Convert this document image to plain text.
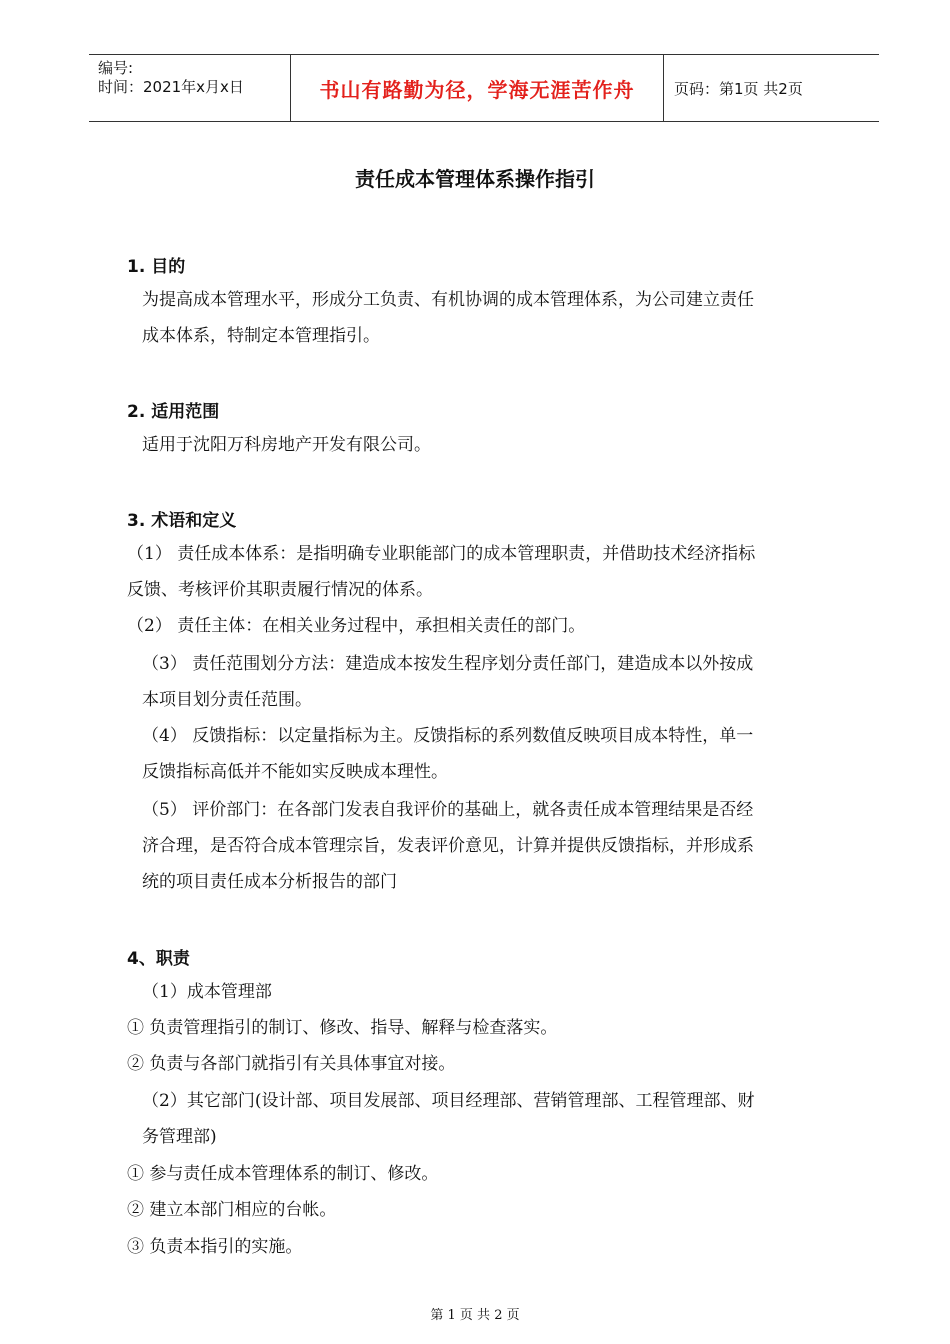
编号:
时间：2021年x月x日	书山有路勤为径，学海无涯苦作舟	页码：第1页 共2页
责任成本管理体系操作指引
1. 目的
为提高成本管理水平，形成分工负责、有机协调的成本管理体系，为公司建立责任
成本体系，特制定本管理指引。
2. 适用范围
适用于沈阳万科房地产开发有限公司。
3. 术语和定义
（1） 责任成本体系：是指明确专业职能部门的成本管理职责，并借助技术经济指标
反馈、考核评价其职责履行情况的体系。
（2） 责任主体：在相关业务过程中，承担相关责任的部门。
（3） 责任范围划分方法：建造成本按发生程序划分责任部门，建造成本以外按成
本项目划分责任范围。
（4） 反馈指标：以定量指标为主。反馈指标的系列数值反映项目成本特性，单一
反馈指标高低并不能如实反映成本理性。
（5） 评价部门：在各部门发表自我评价的基础上，就各责任成本管理结果是否经
济合理，是否符合成本管理宗旨，发表评价意见，计算并提供反馈指标，并形成系
统的项目责任成本分析报告的部门
4、职责
（1）成本管理部
① 负责管理指引的制订、修改、指导、解释与检查落实。
② 负责与各部门就指引有关具体事宜对接。
（2）其它部门(设计部、项目发展部、项目经理部、营销管理部、工程管理部、财
务管理部)
① 参与责任成本管理体系的制订、修改。
② 建立本部门相应的台帐。
③ 负责本指引的实施。
第 1 页 共 2 页
